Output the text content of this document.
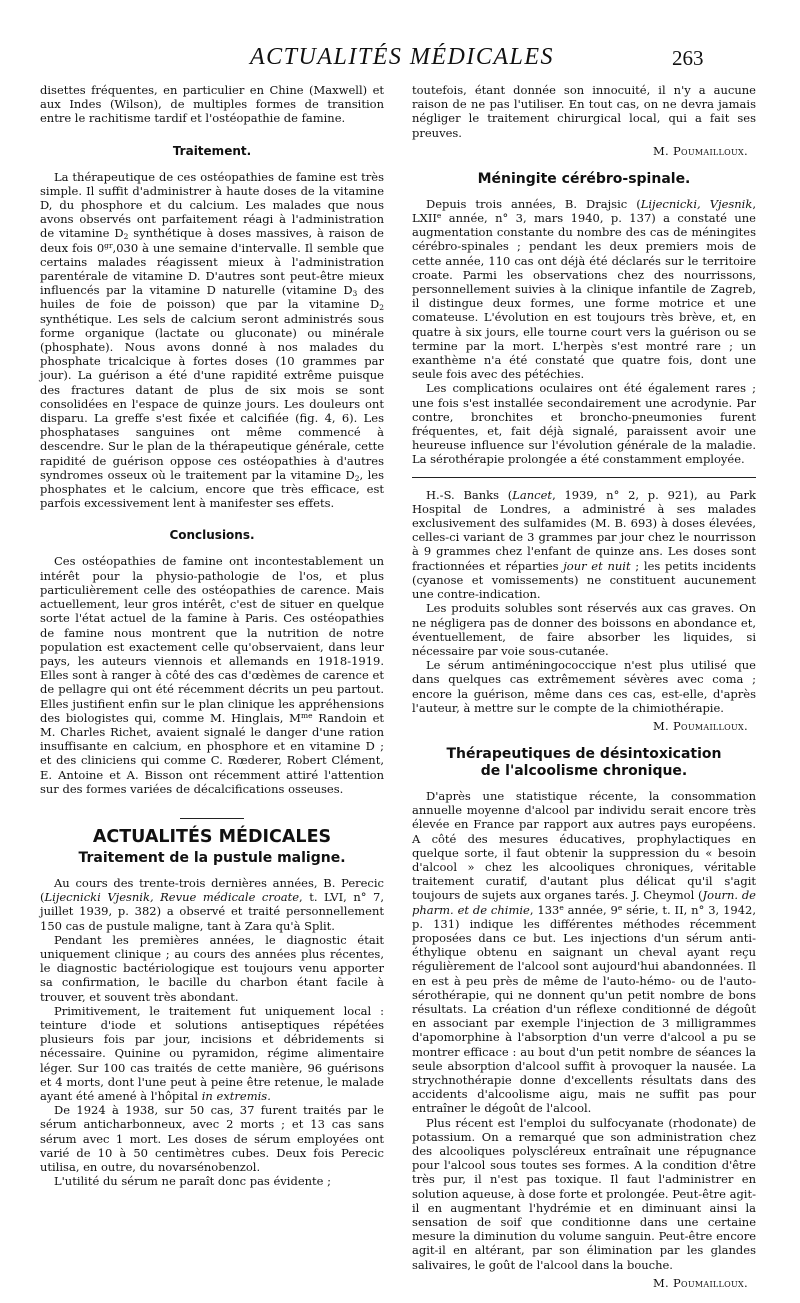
ACTUALITÉS MÉDICALES	263

disettes fréquentes, en particulier en Chine (Maxwell) et aux Indes (Wilson), de multiples formes de transition entre le rachitisme tardif et l'ostéopathie de famine.

Traitement.

La thérapeutique de ces ostéopathies de famine est très simple. Il suffit d'administrer à haute doses de la vitamine D, du phosphore et du calcium. Les malades que nous avons observés ont parfaitement réagi à l'administration de vitamine $D_2$ synthétique à doses massives, à raison de deux fois $0^{gr},030$ à une semaine d'intervalle. Il semble que certains malades réagissent mieux à l'administration parentérale de vitamine D. D'autres sont peut-être mieux influencés par la vitamine D naturelle (vitamine $D_3$ des huiles de foie de poisson) que par la vitamine $D_2$ synthétique. Les sels de calcium seront administrés sous forme organique (lactate ou gluconate) ou minérale (phosphate). Nous avons donné à nos malades du phosphate tricalcique à fortes doses (10 grammes par jour). La guérison a été d'une rapidité extrême puisque des fractures datant de plus de six mois se sont consolidées en l'espace de quinze jours. Les douleurs ont disparu. La greffe s'est fixée et calcifiée (fig. 4, 6). Les phosphatases sanguines ont même commencé à descendre. Sur le plan de la thérapeutique générale, cette rapidité de guérison oppose ces ostéopathies à d'autres syndromes osseux où le traitement par la vitamine $D_2$, les phosphates et le calcium, encore que très efficace, est parfois excessivement lent à manifester ses effets.

Conclusions.

Ces ostéopathies de famine ont incontestablement un intérêt pour la physio-pathologie de l'os, et plus particulièrement celle des ostéopathies de carence. Mais actuellement, leur gros intérêt, c'est de situer en quelque sorte l'état actuel de la famine à Paris. Ces ostéopathies de famine nous montrent que la nutrition de notre population est exactement celle qu'observaient, dans leur pays, les auteurs viennois et allemands en 1918-1919. Elles sont à ranger à côté des cas d'œdèmes de carence et de pellagre qui ont été récemment décrits un peu partout. Elles justifient enfin sur le plan clinique les appréhensions des biologistes qui, comme M. Hinglais, $M^{me}$ Randoin et M. Charles Richet, avaient signalé le danger d'une ration insuffisante en calcium, en phosphore et en vitamine D ; et des cliniciens qui comme C. Rœderer, Robert Clément, E. Antoine et A. Bisson ont récemment attiré l'attention sur des formes variées de décalcifications osseuses.

ACTUALITÉS MÉDICALES
Traitement de la pustule maligne.

Au cours des trente-trois dernières années, B. Perecic (Lijecnicki Vjesnik, Revue médicale croate, t. LVI, n° 7, juillet 1939, p. 382) a observé et traité personnellement 150 cas de pustule maligne, tant à Zara qu'à Split.

Pendant les premières années, le diagnostic était uniquement clinique ; au cours des années plus récentes, le diagnostic bactériologique est toujours venu apporter sa confirmation, le bacille du charbon étant facile à trouver, et souvent très abondant.

Primitivement, le traitement fut uniquement local : teinture d'iode et solutions antiseptiques répétées plusieurs fois par jour, incisions et débridements si nécessaire. Quinine ou pyramidon, régime alimentaire léger. Sur 100 cas traités de cette manière, 96 guérisons et 4 morts, dont l'une peut à peine être retenue, le malade ayant été amené à l'hôpital in extremis.

De 1924 à 1938, sur 50 cas, 37 furent traités par le sérum anticharbonneux, avec 2 morts ; et 13 cas sans sérum avec 1 mort. Les doses de sérum employées ont varié de 10 à 50 centimètres cubes. Deux fois Perecic utilisa, en outre, du novarsénobenzol.

L'utilité du sérum ne paraît donc pas évidente ;

toutefois, étant donnée son innocuité, il n'y a aucune raison de ne pas l'utiliser. En tout cas, on ne devra jamais négliger le traitement chirurgical local, qui a fait ses preuves.

M. Poumailloux.
Méningite cérébro-spinale.

Depuis trois années, B. Drajsic (Lijecnicki, Vjesnik, LXIIe année, n° 3, mars 1940, p. 137) a constaté une augmentation constante du nombre des cas de méningites cérébro-spinales ; pendant les deux premiers mois de cette année, 110 cas ont déjà été déclarés sur le territoire croate. Parmi les observations chez des nourrissons, personnellement suivies à la clinique infantile de Zagreb, il distingue deux formes, une forme motrice et une comateuse. L'évolution en est toujours très brève, et, en quatre à six jours, elle tourne court vers la guérison ou se termine par la mort. L'herpès s'est montré rare ; un exanthème n'a été constaté que quatre fois, dont une seule fois avec des pétéchies.

Les complications oculaires ont été également rares ; une fois s'est installée secondairement une acrodynie. Par contre, bronchites et broncho-pneumonies furent fréquentes, et, fait déjà signalé, paraissent avoir une heureuse influence sur l'évolution générale de la maladie. La sérothérapie prolongée a été constamment employée.

H.-S. Banks (Lancet, 1939, n° 2, p. 921), au Park Hospital de Londres, a administré à ses malades exclusivement des sulfamides (M. B. 693) à doses élevées, celles-ci variant de 3 grammes par jour chez le nourrisson à 9 grammes chez l'enfant de quinze ans. Les doses sont fractionnées et réparties jour et nuit ; les petits incidents (cyanose et vomissements) ne constituent aucunement une contre-indication.

Les produits solubles sont réservés aux cas graves. On ne négligera pas de donner des boissons en abondance et, éventuellement, de faire absorber les liquides, si nécessaire par voie sous-cutanée.

Le sérum antiméningococcique n'est plus utilisé que dans quelques cas extrêmement sévères avec coma ; encore la guérison, même dans ces cas, est-elle, d'après l'auteur, à mettre sur le compte de la chimiothérapie.

M. Poumailloux.
Thérapeutiques de désintoxication
de l'alcoolisme chronique.

D'après une statistique récente, la consommation annuelle moyenne d'alcool par individu serait encore très élevée en France par rapport aux autres pays européens. A côté des mesures éducatives, prophylactiques en quelque sorte, il faut obtenir la suppression du « besoin d'alcool » chez les alcooliques chroniques, véritable traitement curatif, d'autant plus délicat qu'il s'agit toujours de sujets aux organes tarés. J. Cheymol (Journ. de pharm. et de chimie, 133e année, 9e série, t. II, n° 3, 1942, p. 131) indique les différentes méthodes récemment proposées dans ce but. Les injections d'un sérum anti-éthylique obtenu en saignant un cheval ayant reçu régulièrement de l'alcool sont aujourd'hui abandonnées. Il en est à peu près de même de l'auto-hémo- ou de l'auto-sérothérapie, qui ne donnent qu'un petit nombre de bons résultats. La création d'un réflexe conditionné de dégoût en associant par exemple l'injection de 3 milligrammes d'apomorphine à l'absorption d'un verre d'alcool a pu se montrer efficace : au bout d'un petit nombre de séances la seule absorption d'alcool suffit à provoquer la nausée. La strychnothérapie donne d'excellents résultats dans des accidents d'alcoolisme aigu, mais ne suffit pas pour entraîner le dégoût de l'alcool.

Plus récent est l'emploi du sulfocyanate (rhodonate) de potassium. On a remarqué que son administration chez des alcooliques polyscléreux entraînait une répugnance pour l'alcool sous toutes ses formes. A la condition d'être très pur, il n'est pas toxique. Il faut l'administrer en solution aqueuse, à dose forte et prolongée. Peut-être agit-il en augmentant l'hydrémie et en diminuant ainsi la sensation de soif que conditionne dans une certaine mesure la diminution du volume sanguin. Peut-être encore agit-il en altérant, par son élimination par les glandes salivaires, le goût de l'alcool dans la bouche.

M. Poumailloux.
